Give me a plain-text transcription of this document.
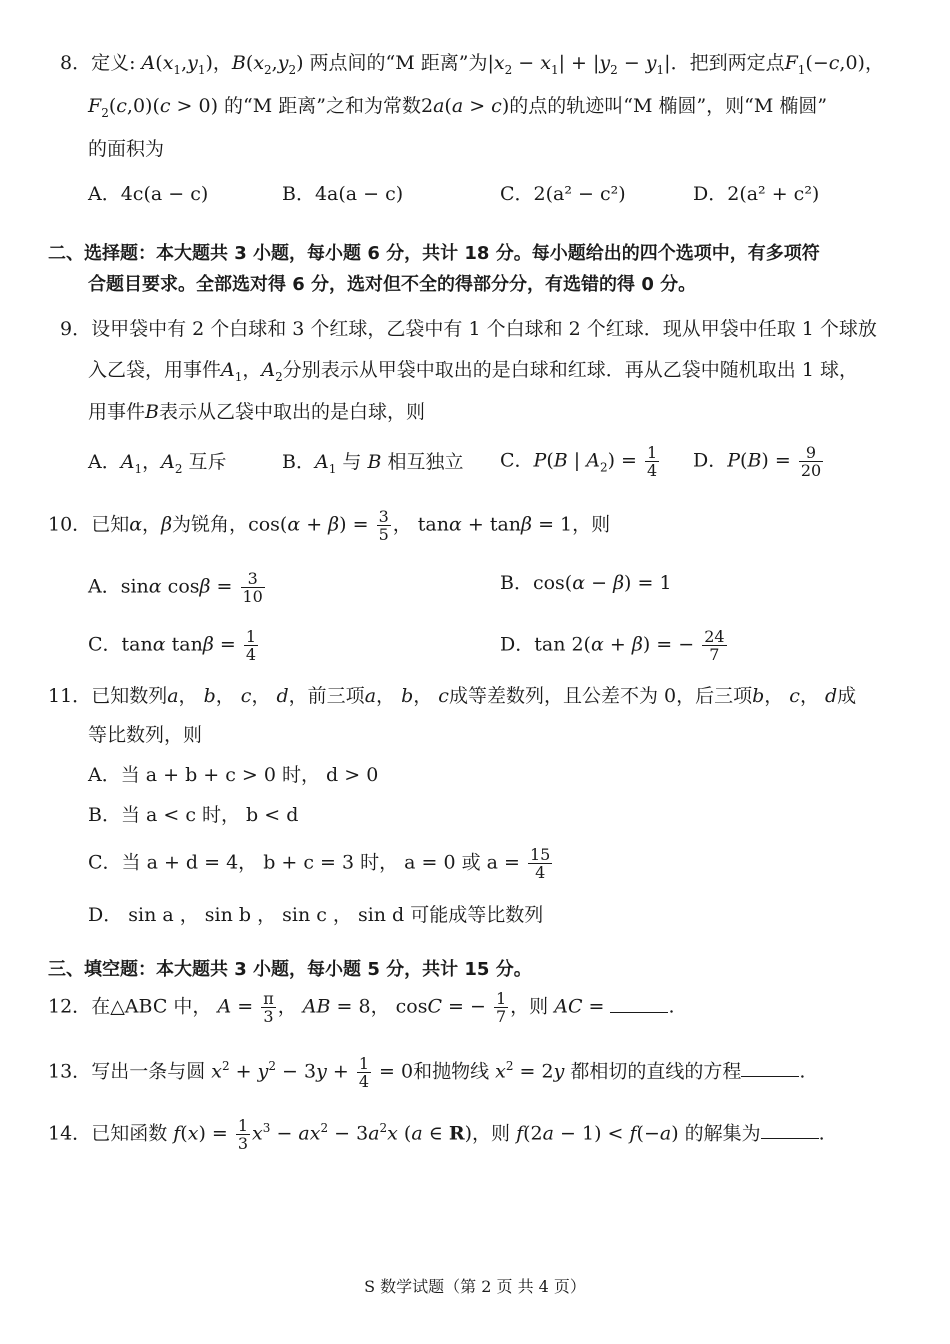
8．定义: $A(x_1,y_1)$，$B(x_2,y_2)$ 两点间的“M 距离”为$|x_2 - x_1| + |y_2 - y_1|$．把到两定点$F_1(-c,0)$，
$F_2(c,0)(c > 0)$ 的“M 距离”之和为常数2a(a > c)的点的轨迹叫“M 椭圆”，则“M 椭圆”
的面积为
A．4c(a − c)	B．4a(a − c)	C．2(a² − c²)	D．2(a² + c²)
二、选择题：本大题共 3 小题，每小题 6 分，共计 18 分。每小题给出的四个选项中，有多项符
合题目要求。全部选对得 6 分，选对但不全的得部分分，有选错的得 0 分。
9．设甲袋中有 2 个白球和 3 个红球，乙袋中有 1 个白球和 2 个红球．现从甲袋中任取 1 个球放
入乙袋，用事件$A_1$，$A_2$分别表示从甲袋中取出的是白球和红球．再从乙袋中随机取出 1 球，
用事件B表示从乙袋中取出的是白球，则
A．$A_1$，$A_2$ 互斥	B．$A_1$ 与 B 相互独立 C．P(B | $A_2) = \frac{1}{4}$ D．$P(B) = \frac{9}{20}$
10．已知α，β为锐角，$\cos(\alpha + \beta) = \frac{3}{5}$ ， tanα + tanβ = 1，则
A．sinα $\cos\beta = \frac{3}{10}$	B．cos(α − β) = 1
C．tanα $\tan\beta = \frac{1}{4}$	D．tan 2(α + β) = − $\frac{24}{7}$
11．已知数列a， b， c， d，前三项a， b， c成等差数列，且公差不为 0，后三项b， c， d成
等比数列，则
A．当 a + b + c > 0 时， d > 0
B．当 a < c 时， b < d
C．当 a + d = 4， b + c = 3 时， a = 0 或 $a = \frac{15}{4}$
D． sin a ， sin b ， sin c ， sin d 可能成等比数列
三、填空题：本大题共 3 小题，每小题 5 分，共计 15 分。
12．在△ABC 中， $A = \frac{\pi}{3}$ ， AB = 8， cosC = − $\frac{1}{7}$ ，则 AC =	.
13．写出一条与圆 $x^2 + y^2 - 3y + \frac{1}{4} = 0$和抛物线 $x^2 = 2y$ 都相切的直线的方程	.
14．已知函数 $f(x) = \frac{1}{3} x^3 - ax^2 - 3a^2x$ (a ∈ R)，则 f(2a − 1) < f(−a) 的解集为	.
S 数学试题（第 2 页 共 4 页）
